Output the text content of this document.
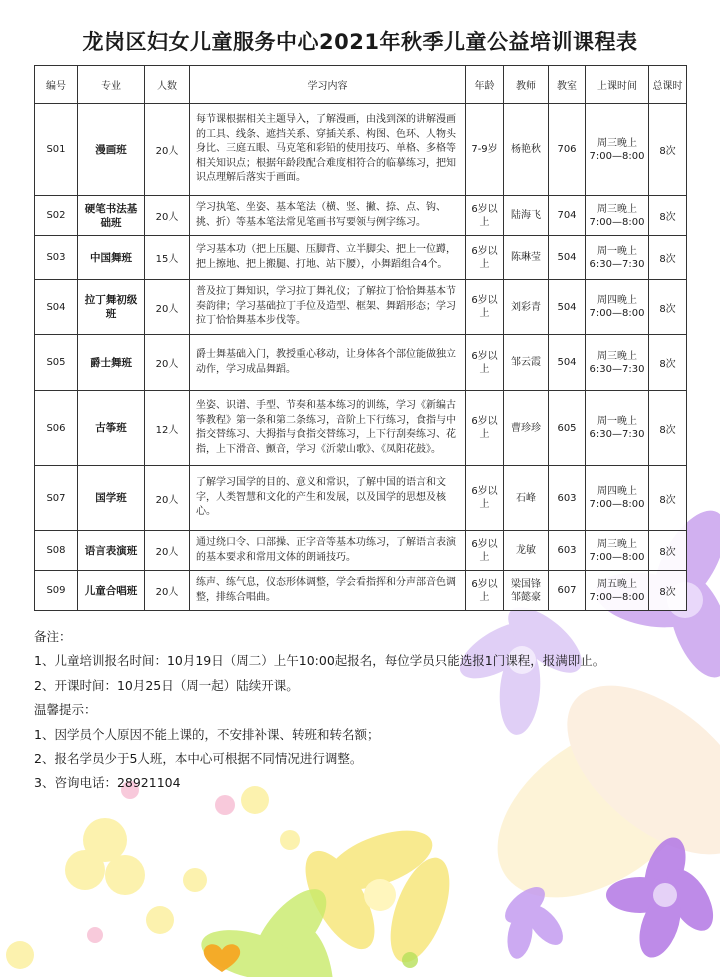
龙岗区妇女儿童服务中心2021年秋季儿童公益培训课程表
编号	专业	人数	学习内容	年龄	教师	教室	上课时间	总课时
S01	漫画班	20人	每节课根据相关主题导入，了解漫画，由浅到深的讲解漫画的工具、线条、遮挡关系、穿插关系、构图、色环、人物头身比、三庭五眼、马克笔和彩铅的使用技巧、单格、多格等相关知识点；根据年龄段配合难度相符合的临摹练习，把知识点理解后落实于画面。	7-9岁	杨艳秋	706	周三晚上 7:00—8:00	8次
S02	硬笔书法基础班	20人	学习执笔、坐姿、基本笔法（横、竖、撇、捺、点、钩、挑、折）等基本笔法常见笔画书写要领与例字练习。	6岁以上	陆海飞	704	周三晚上 7:00—8:00	8次
S03	中国舞班	15人	学习基本功（把上压腿、压脚背、立半脚尖、把上一位蹲，把上擦地、把上搬腿、打地、站下腰），小舞蹈组合4个。	6岁以上	陈琳莹	504	周一晚上 6:30—7:30	8次
S04	拉丁舞初级班	20人	普及拉丁舞知识，学习拉丁舞礼仪；了解拉丁恰恰舞基本节奏韵律；学习基础拉丁手位及造型、框架、舞蹈形态；学习拉丁恰恰舞基本步伐等。	6岁以上	刘彩青	504	周四晚上 7:00—8:00	8次
S05	爵士舞班	20人	爵士舞基础入门，教授重心移动，让身体各个部位能做独立动作，学习成品舞蹈。	6岁以上	邹云霞	504	周三晚上 6:30—7:30	8次
S06	古筝班	12人	坐姿、识谱、手型、节奏和基本练习的训练，学习《新编古筝教程》第一条和第二条练习，音阶上下行练习，食指与中指交替练习、大拇指与食指交替练习，上下行刮奏练习、花指，上下滑音、颤音，学习《沂蒙山歌》、《凤阳花鼓》。	6岁以上	曹珍珍	605	周一晚上 6:30—7:30	8次
S07	国学班	20人	了解学习国学的目的、意义和常识，了解中国的语言和文字，人类智慧和文化的产生和发展，以及国学的思想及核心。	6岁以上	石峰	603	周四晚上 7:00—8:00	8次
S08	语言表演班	20人	通过绕口令、口部操、正字音等基本功练习，了解语言表演的基本要求和常用文体的朗诵技巧。	6岁以上	龙敏	603	周三晚上 7:00—8:00	8次
S09	儿童合唱班	20人	练声、练气息，仪态形体调整，学会看指挥和分声部音色调整，排练合唱曲。	6岁以上	梁国锋 邹懿豪	607	周五晚上 7:00—8:00	8次
备注：
1、儿童培训报名时间：10月19日（周二）上午10:00起报名，每位学员只能选报1门课程，报满即止。
2、开课时间：10月25日（周一起）陆续开课。
温馨提示：
1、因学员个人原因不能上课的，不安排补课、转班和转名额；
2、报名学员少于5人班，本中心可根据不同情况进行调整。
3、咨询电话：28921104
